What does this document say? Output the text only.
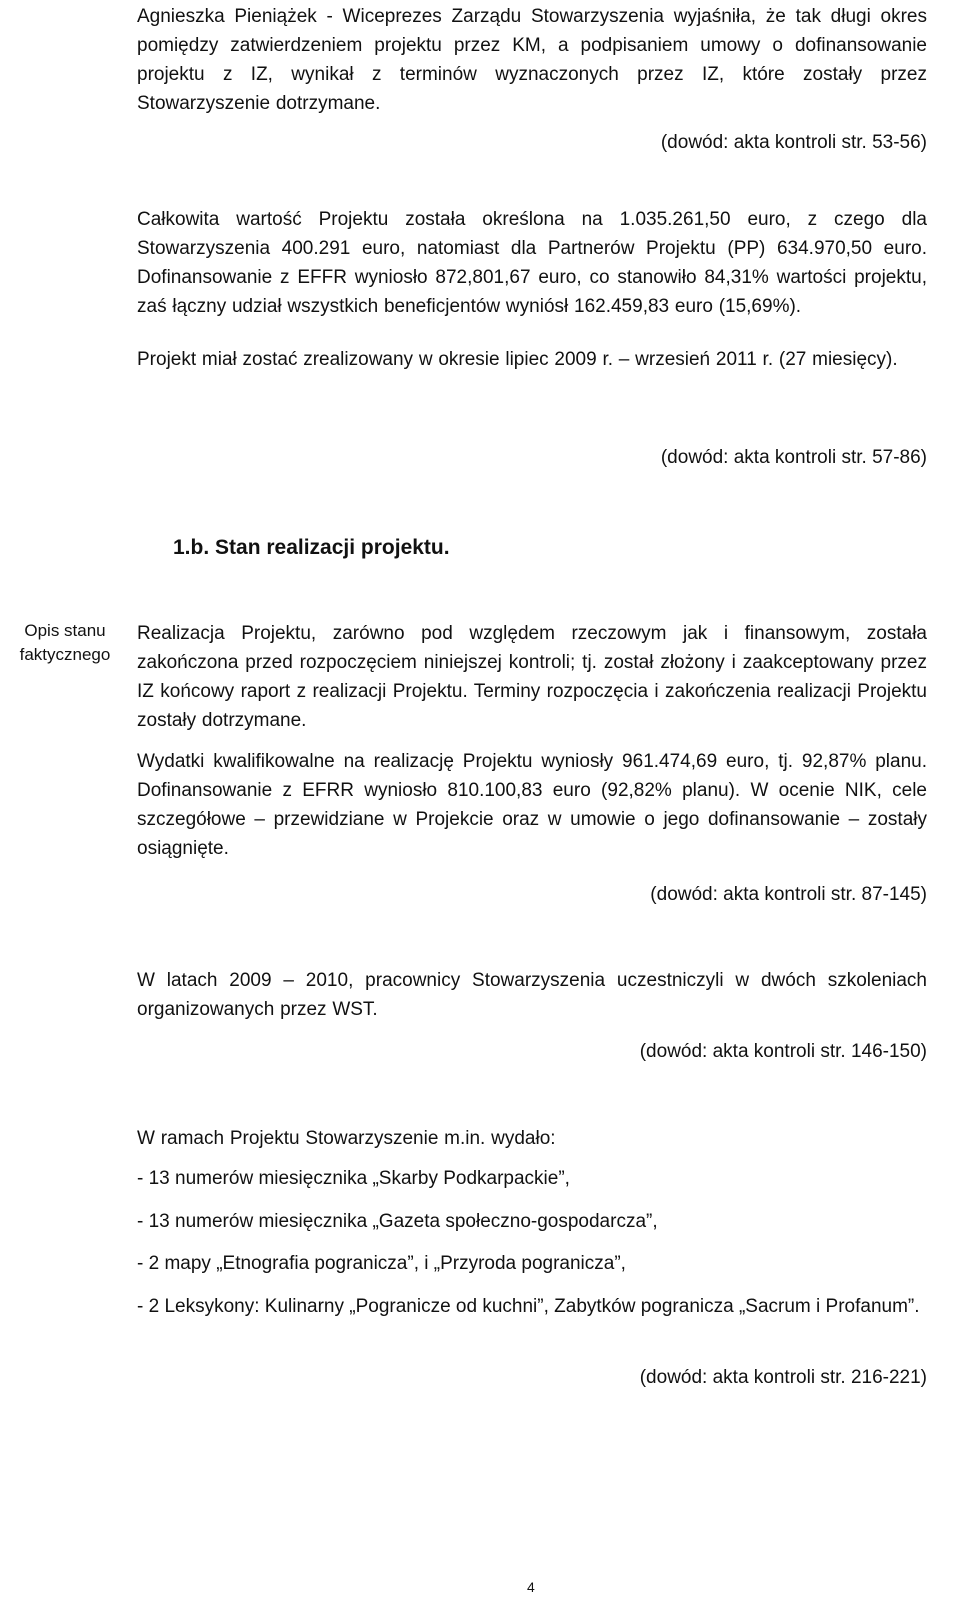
Agnieszka Pieniążek - Wiceprezes Zarządu Stowarzyszenia wyjaśniła, że tak długi okres pomiędzy zatwierdzeniem projektu przez KM, a podpisaniem umowy o dofinansowanie projektu z IZ, wynikał z terminów wyznaczonych przez IZ, które zostały przez Stowarzyszenie dotrzymane.

(dowód: akta kontroli str. 53-56)

Całkowita wartość Projektu została określona na 1.035.261,50 euro, z czego dla Stowarzyszenia 400.291 euro, natomiast dla Partnerów Projektu (PP) 634.970,50 euro. Dofinansowanie z EFFR wyniosło 872,801,67 euro, co stanowiło 84,31% wartości projektu, zaś łączny udział wszystkich beneficjentów wyniósł 162.459,83 euro (15,69%).

Projekt miał zostać zrealizowany w okresie lipiec 2009 r. – wrzesień 2011 r. (27 miesięcy).

(dowód: akta kontroli str. 57-86)
1.b. Stan realizacji projektu.
Opis stanu faktycznego

Realizacja Projektu, zarówno pod względem rzeczowym jak i finansowym, została zakończona przed rozpoczęciem niniejszej kontroli; tj. został złożony i zaakceptowany przez IZ końcowy raport z realizacji Projektu. Terminy rozpoczęcia i zakończenia realizacji Projektu zostały dotrzymane.

Wydatki kwalifikowalne na realizację Projektu wyniosły 961.474,69 euro, tj. 92,87% planu. Dofinansowanie z EFRR wyniosło 810.100,83 euro (92,82% planu). W ocenie NIK, cele szczegółowe – przewidziane w Projekcie oraz w umowie o jego dofinansowanie – zostały osiągnięte.

(dowód: akta kontroli str. 87-145)

W latach 2009 – 2010, pracownicy Stowarzyszenia uczestniczyli w dwóch szkoleniach organizowanych przez WST.

(dowód: akta kontroli str. 146-150)

W ramach Projektu Stowarzyszenie m.in. wydało:

- 13 numerów miesięcznika „Skarby Podkarpackie”,
- 13 numerów miesięcznika „Gazeta społeczno-gospodarcza”,
- 2 mapy „Etnografia pogranicza”, i „Przyroda pogranicza”,
- 2 Leksykony: Kulinarny „Pogranicze od kuchni”, Zabytków pogranicza „Sacrum i Profanum”.
(dowód: akta kontroli str. 216-221)
4
